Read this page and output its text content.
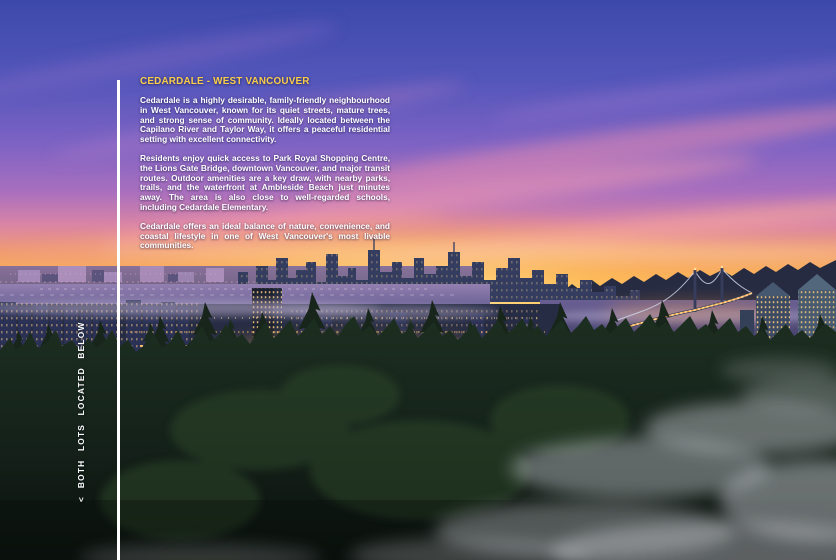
CEDARDALE - WEST VANCOUVER

Cedardale is a highly desirable, family-friendly neighbourhood in West Vancouver, known for its quiet streets, mature trees, and strong sense of community. Ideally located between the Capilano River and Taylor Way, it offers a peaceful residential setting with excellent connectivity.

Residents enjoy quick access to Park Royal Shopping Centre, the Lions Gate Bridge, downtown Vancouver, and major transit routes. Outdoor amenities are a key draw, with nearby parks, trails, and the waterfront at Ambleside Beach just minutes away. The area is also close to well-regarded schools, including Cedardale Elementary.

Cedardale offers an ideal balance of nature, convenience, and coastal lifestyle in one of West Vancouver's most livable communities.

<BOTH LOTS LOCATED BELOW
